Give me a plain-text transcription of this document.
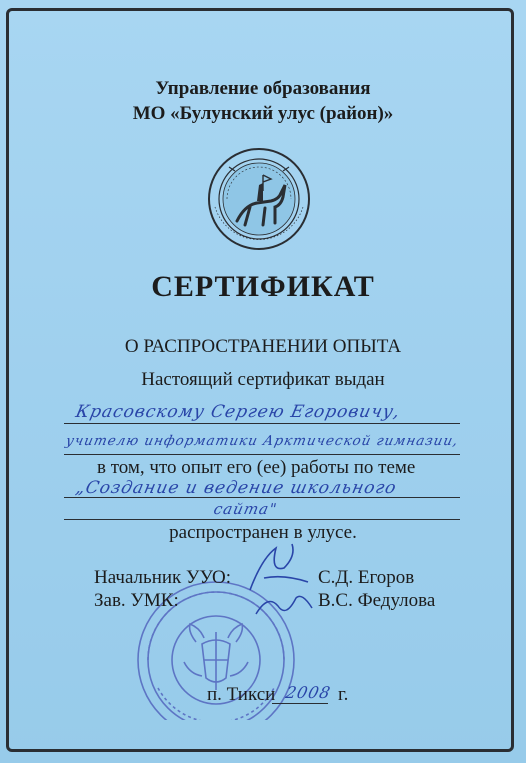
Управление образования
МО «Булунский улус (район)»
СЕРТИФИКАТ
О РАСПРОСТРАНЕНИИ ОПЫТА
Настоящий сертификат выдан
Красовскому Сергею Егоровичу,
учителю информатики Арктической гимназии,
в том, что опыт его (ее) работы по теме
„Создание и ведение школьного
сайта"
распространен в улусе.
Начальник УУО:	С.Д. Егоров
Зав. УМК:	В.С. Федулова
п. Тикси 2008 г.
